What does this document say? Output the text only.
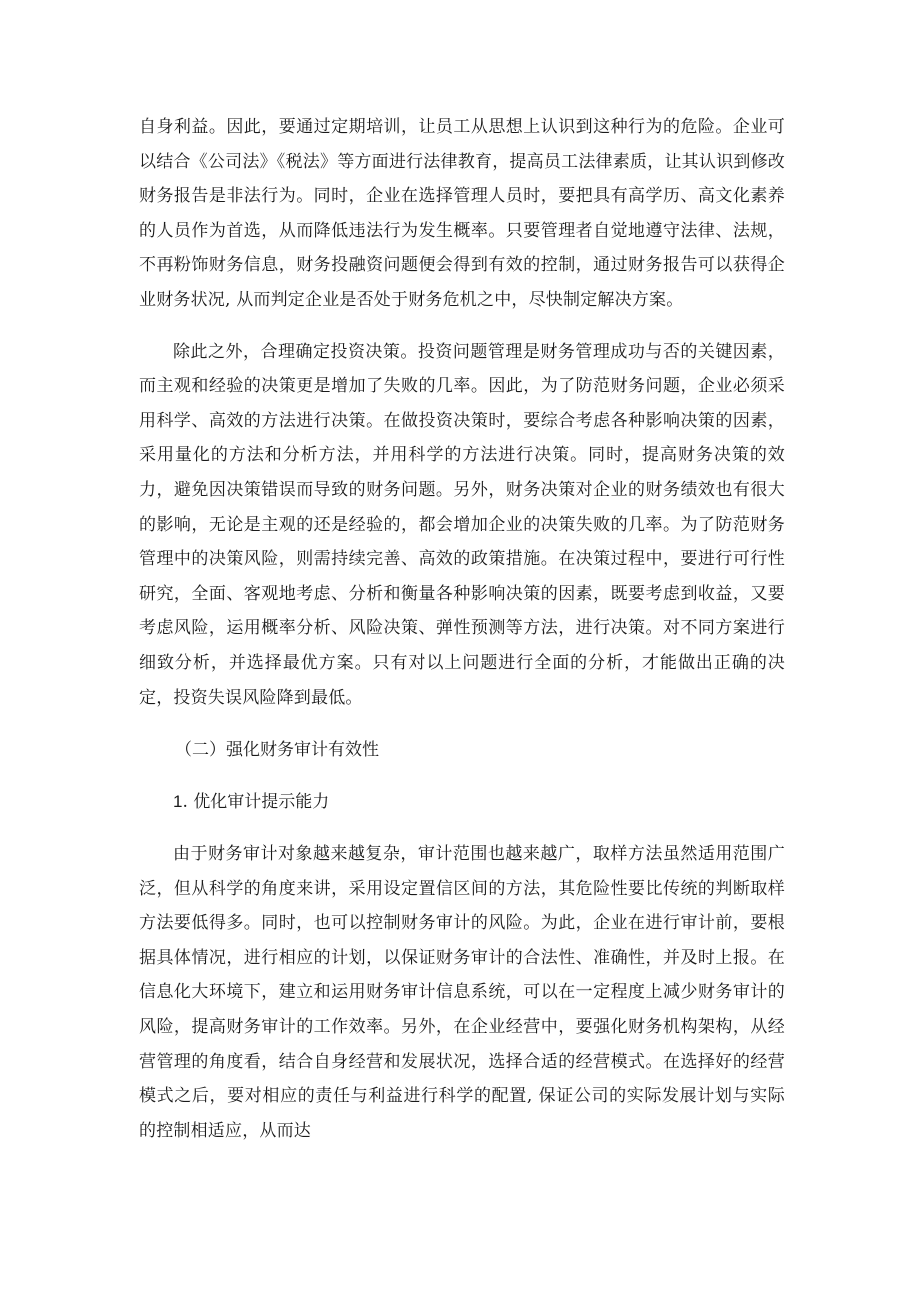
自身利益。因此，要通过定期培训，让员工从思想上认识到这种行为的危险。企业可以结合《公司法》《税法》等方面进行法律教育，提高员工法律素质，让其认识到修改财务报告是非法行为。同时，企业在选择管理人员时，要把具有高学历、高文化素养的人员作为首选，从而降低违法行为发生概率。只要管理者自觉地遵守法律、法规，不再粉饰财务信息，财务投融资问题便会得到有效的控制，通过财务报告可以获得企业财务状况, 从而判定企业是否处于财务危机之中，尽快制定解决方案。

除此之外，合理确定投资决策。投资问题管理是财务管理成功与否的关键因素，而主观和经验的决策更是增加了失败的几率。因此，为了防范财务问题，企业必须采用科学、高效的方法进行决策。在做投资决策时，要综合考虑各种影响决策的因素，采用量化的方法和分析方法，并用科学的方法进行决策。同时，提高财务决策的效力，避免因决策错误而导致的财务问题。另外，财务决策对企业的财务绩效也有很大的影响，无论是主观的还是经验的，都会增加企业的决策失败的几率。为了防范财务管理中的决策风险，则需持续完善、高效的政策措施。在决策过程中，要进行可行性研究，全面、客观地考虑、分析和衡量各种影响决策的因素，既要考虑到收益，又要考虑风险，运用概率分析、风险决策、弹性预测等方法，进行决策。对不同方案进行细致分析，并选择最优方案。只有对以上问题进行全面的分析，才能做出正确的决定，投资失误风险降到最低。

（二）强化财务审计有效性

1. 优化审计提示能力

由于财务审计对象越来越复杂，审计范围也越来越广，取样方法虽然适用范围广泛，但从科学的角度来讲，采用设定置信区间的方法，其危险性要比传统的判断取样方法要低得多。同时，也可以控制财务审计的风险。为此，企业在进行审计前，要根据具体情况，进行相应的计划，以保证财务审计的合法性、准确性，并及时上报。在信息化大环境下，建立和运用财务审计信息系统，可以在一定程度上减少财务审计的风险，提高财务审计的工作效率。另外，在企业经营中，要强化财务机构架构，从经营管理的角度看，结合自身经营和发展状况，选择合适的经营模式。在选择好的经营模式之后，要对相应的责任与利益进行科学的配置, 保证公司的实际发展计划与实际的控制相适应，从而达
